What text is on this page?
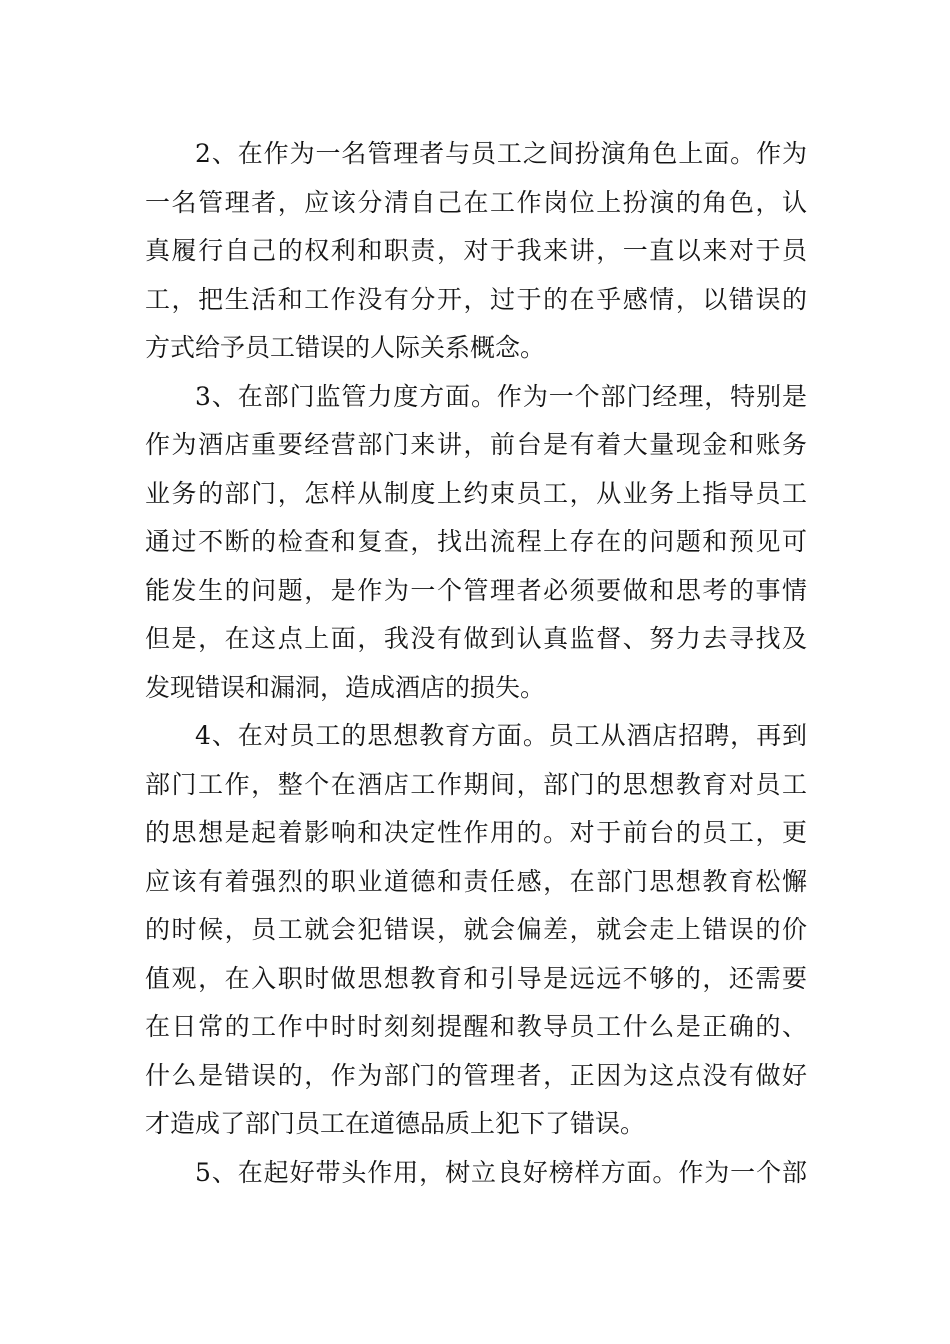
2、在作为一名管理者与员工之间扮演角色上面。作为
一名管理者，应该分清自己在工作岗位上扮演的角色，认
真履行自己的权利和职责，对于我来讲，一直以来对于员
工，把生活和工作没有分开，过于的在乎感情，以错误的
方式给予员工错误的人际关系概念。

3、在部门监管力度方面。作为一个部门经理，特别是
作为酒店重要经营部门来讲，前台是有着大量现金和账务
业务的部门，怎样从制度上约束员工，从业务上指导员工
通过不断的检查和复查，找出流程上存在的问题和预见可
能发生的问题，是作为一个管理者必须要做和思考的事情
但是，在这点上面，我没有做到认真监督、努力去寻找及
发现错误和漏洞，造成酒店的损失。

4、在对员工的思想教育方面。员工从酒店招聘，再到
部门工作，整个在酒店工作期间，部门的思想教育对员工
的思想是起着影响和决定性作用的。对于前台的员工，更
应该有着强烈的职业道德和责任感，在部门思想教育松懈
的时候，员工就会犯错误，就会偏差，就会走上错误的价
值观，在入职时做思想教育和引导是远远不够的，还需要
在日常的工作中时时刻刻提醒和教导员工什么是正确的、
什么是错误的，作为部门的管理者，正因为这点没有做好
才造成了部门员工在道德品质上犯下了错误。

5、在起好带头作用，树立良好榜样方面。作为一个部
